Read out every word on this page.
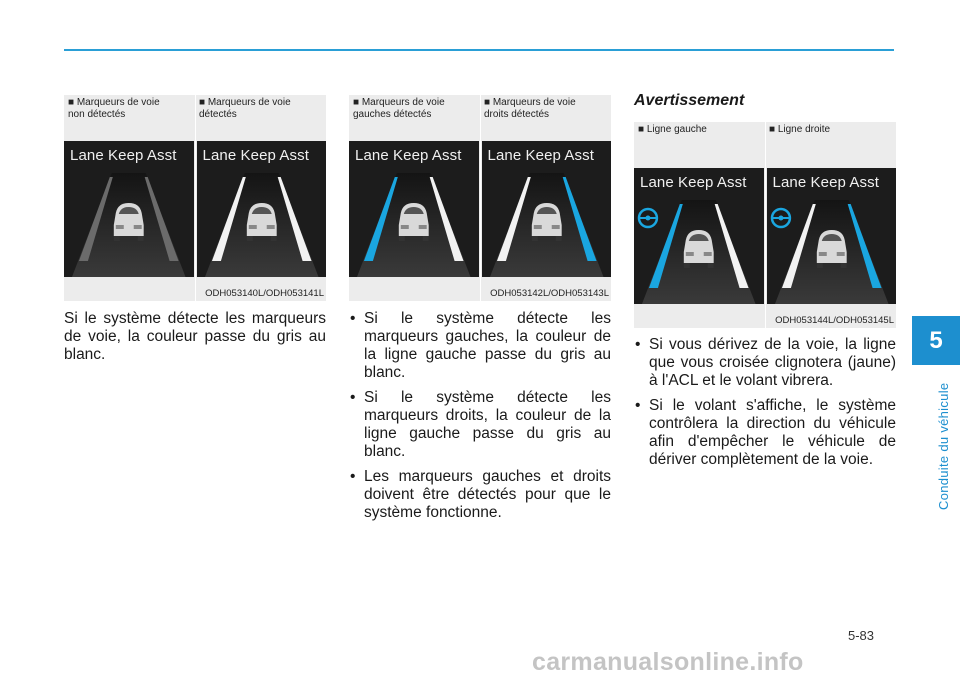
■ Marqueurs de voie
non détectés
■ Marqueurs de voie
détectés
Lane Keep Asst Lane Keep Asst
ODH053140L/ODH053141L
■ Marqueurs de voie
gauches détectés
■ Marqueurs de voie
droits détectés
Lane Keep Asst Lane Keep Asst
ODH053142L/ODH053143L
■ Ligne gauche	■ Ligne droite
Lane Keep Asst Lane Keep Asst
ODH053144L/ODH053145L
Si le système détecte les marqueurs de voie, la couleur passe du gris au blanc.
• Si le système détecte les marqueurs gauches, la couleur de la ligne gauche passe du gris au blanc.
• Si le système détecte les marqueurs droits, la couleur de la ligne gauche passe du gris au blanc.
• Les marqueurs gauches et droits doivent être détectés pour que le système fonctionne.
Avertissement
• Si vous dérivez de la voie, la ligne que vous croisée clignotera (jaune) à l'ACL et le volant vibrera.
• Si le volant s'affiche, le système contrôlera la direction du véhicule afin d'empêcher le véhicule de dériver complètement de la voie.
5
Conduite du véhicule
5-83
carmanualsonline.info
